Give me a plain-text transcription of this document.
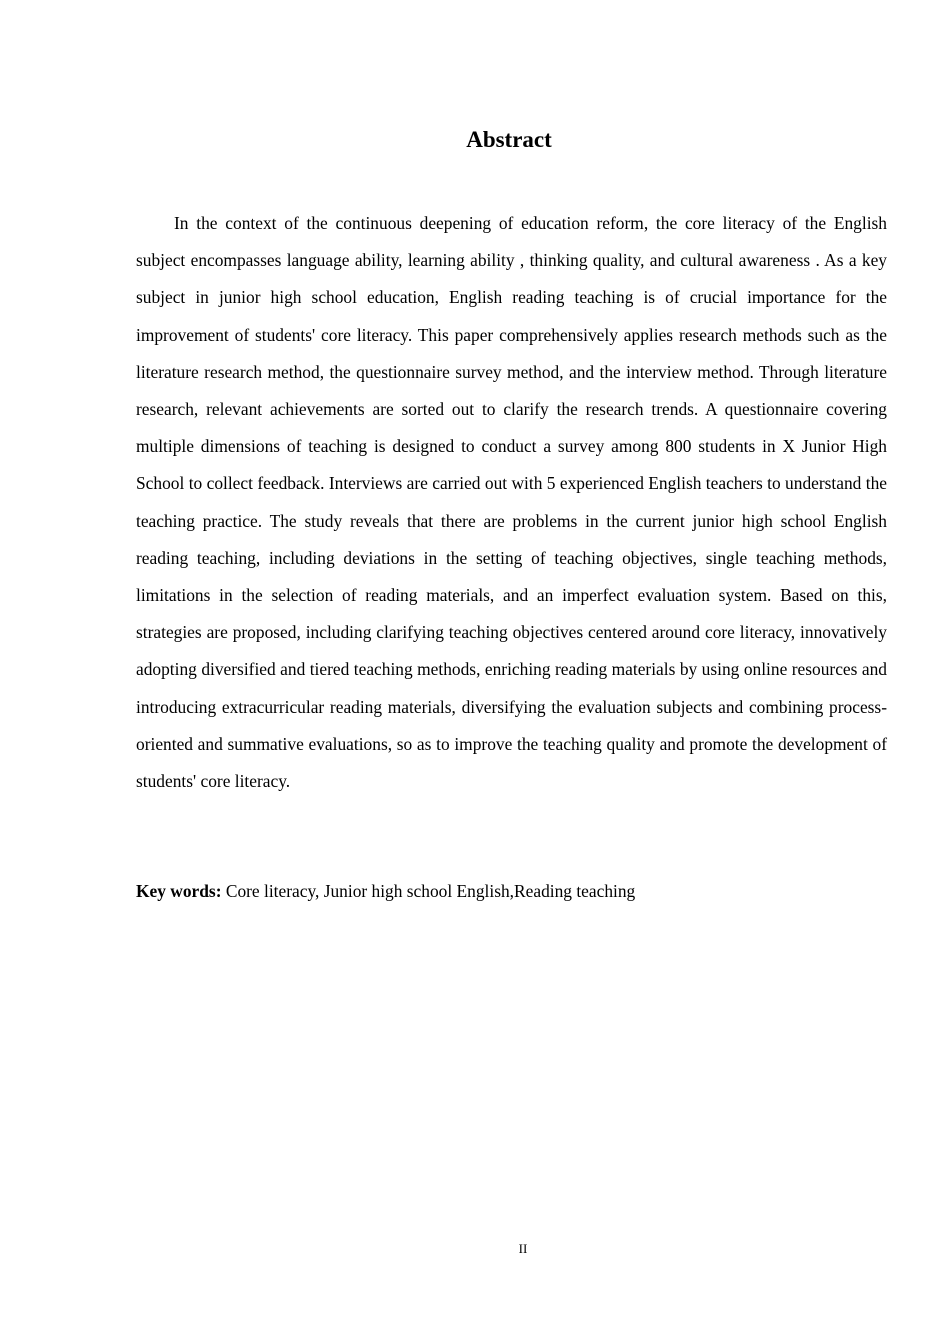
Abstract

In the context of the continuous deepening of education reform, the core literacy of the English subject encompasses language ability, learning ability , thinking quality, and cultural awareness . As a key subject in junior high school education, English reading teaching is of crucial importance for the improvement of students' core literacy. This paper comprehensively applies research methods such as the literature research method, the questionnaire survey method, and the interview method. Through literature research, relevant achievements are sorted out to clarify the research trends. A questionnaire covering multiple dimensions of teaching is designed to conduct a survey among 800 students in X Junior High School to collect feedback. Interviews are carried out with 5 experienced English teachers to understand the teaching practice. The study reveals that there are problems in the current junior high school English reading teaching, including deviations in the setting of teaching objectives, single teaching methods, limitations in the selection of reading materials, and an imperfect evaluation system. Based on this, strategies are proposed, including clarifying teaching objectives centered around core literacy, innovatively adopting diversified and tiered teaching methods, enriching reading materials by using online resources and introducing extracurricular reading materials, diversifying the evaluation subjects and combining process-oriented and summative evaluations, so as to improve the teaching quality and promote the development of students' core literacy.

Key words: Core literacy, Junior high school English,Reading teaching

II
